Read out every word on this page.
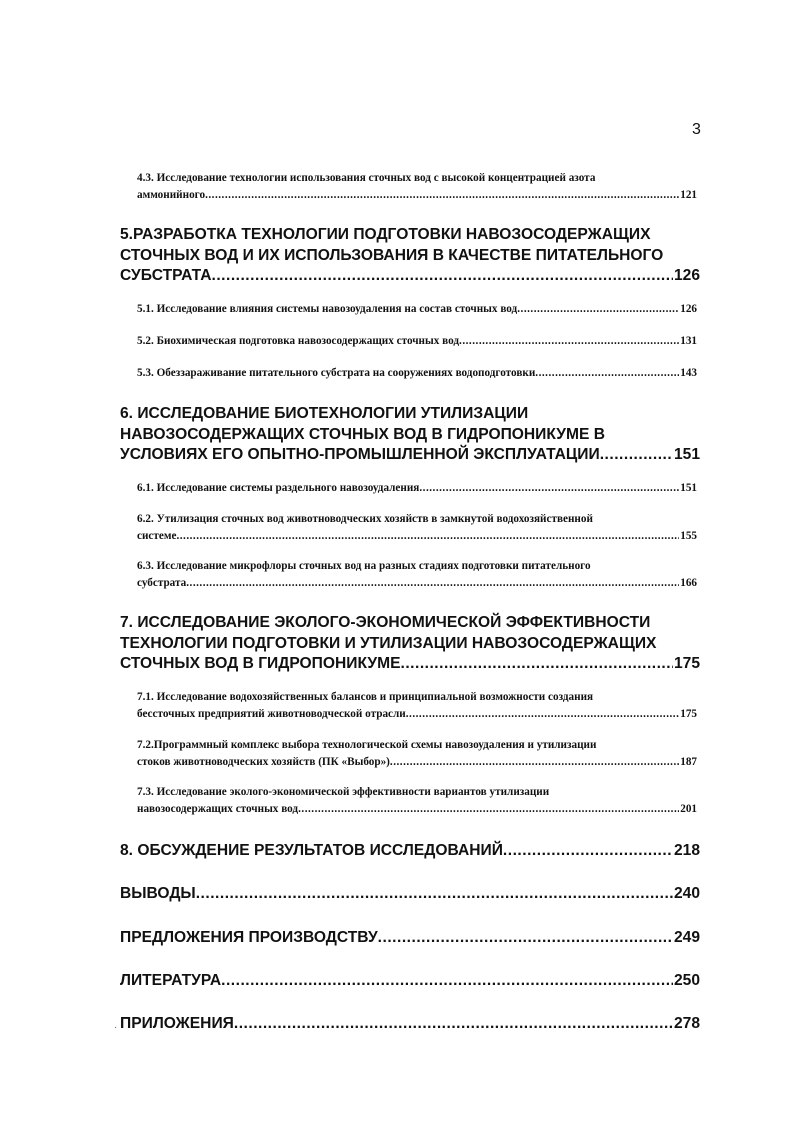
3
4.3. Исследование технологии использования сточных вод с высокой концентрацией азота
аммонийного .....	121
5.РАЗРАБОТКА ТЕХНОЛОГИИ ПОДГОТОВКИ НАВОЗОСОДЕРЖАЩИХ
СТОЧНЫХ ВОД И ИХ ИСПОЛЬЗОВАНИЯ В КАЧЕСТВЕ ПИТАТЕЛЬНОГО
СУБСТРАТА .....	126
5.1. Исследование влияния системы навозоудаления на состав сточных вод .....	126
5.2. Биохимическая подготовка навозосодержащих сточных вод .....	131
5.3. Обеззараживание питательного субстрата на сооружениях водоподготовки .....	143
6. ИССЛЕДОВАНИЕ БИОТЕХНОЛОГИИ УТИЛИЗАЦИИ
НАВОЗОСОДЕРЖАЩИХ СТОЧНЫХ ВОД В ГИДРОПОНИКУМЕ В
УСЛОВИЯХ ЕГО ОПЫТНО-ПРОМЫШЛЕННОЙ ЭКСПЛУАТАЦИИ .....	151
6.1. Исследование системы раздельного навозоудаления .....	151
6.2. Утилизация сточных вод животноводческих хозяйств в замкнутой водохозяйственной
системе .....	155
6.3. Исследование микрофлоры сточных вод на разных стадиях подготовки питательного
субстрата .....	166
7. ИССЛЕДОВАНИЕ ЭКОЛОГО-ЭКОНОМИЧЕСКОЙ ЭФФЕКТИВНОСТИ
ТЕХНОЛОГИИ ПОДГОТОВКИ И УТИЛИЗАЦИИ НАВОЗОСОДЕРЖАЩИХ
СТОЧНЫХ ВОД В ГИДРОПОНИКУМЕ .....	175
7.1. Исследование водохозяйственных балансов и принципиальной возможности создания
бессточных предприятий животноводческой отрасли .....	175
7.2.Программный комплекс выбора технологической схемы навозоудаления и утилизации
стоков животноводческих хозяйств (ПК «Выбор») .....	187
7.3. Исследование эколого-экономической эффективности вариантов утилизации
навозосодержащих сточных вод .....	201
8. ОБСУЖДЕНИЕ РЕЗУЛЬТАТОВ ИССЛЕДОВАНИЙ .....	218
ВЫВОДЫ .....	240
ПРЕДЛОЖЕНИЯ ПРОИЗВОДСТВУ .....	249
ЛИТЕРАТУРА .....	250
ПРИЛОЖЕНИЯ .....	278
·
